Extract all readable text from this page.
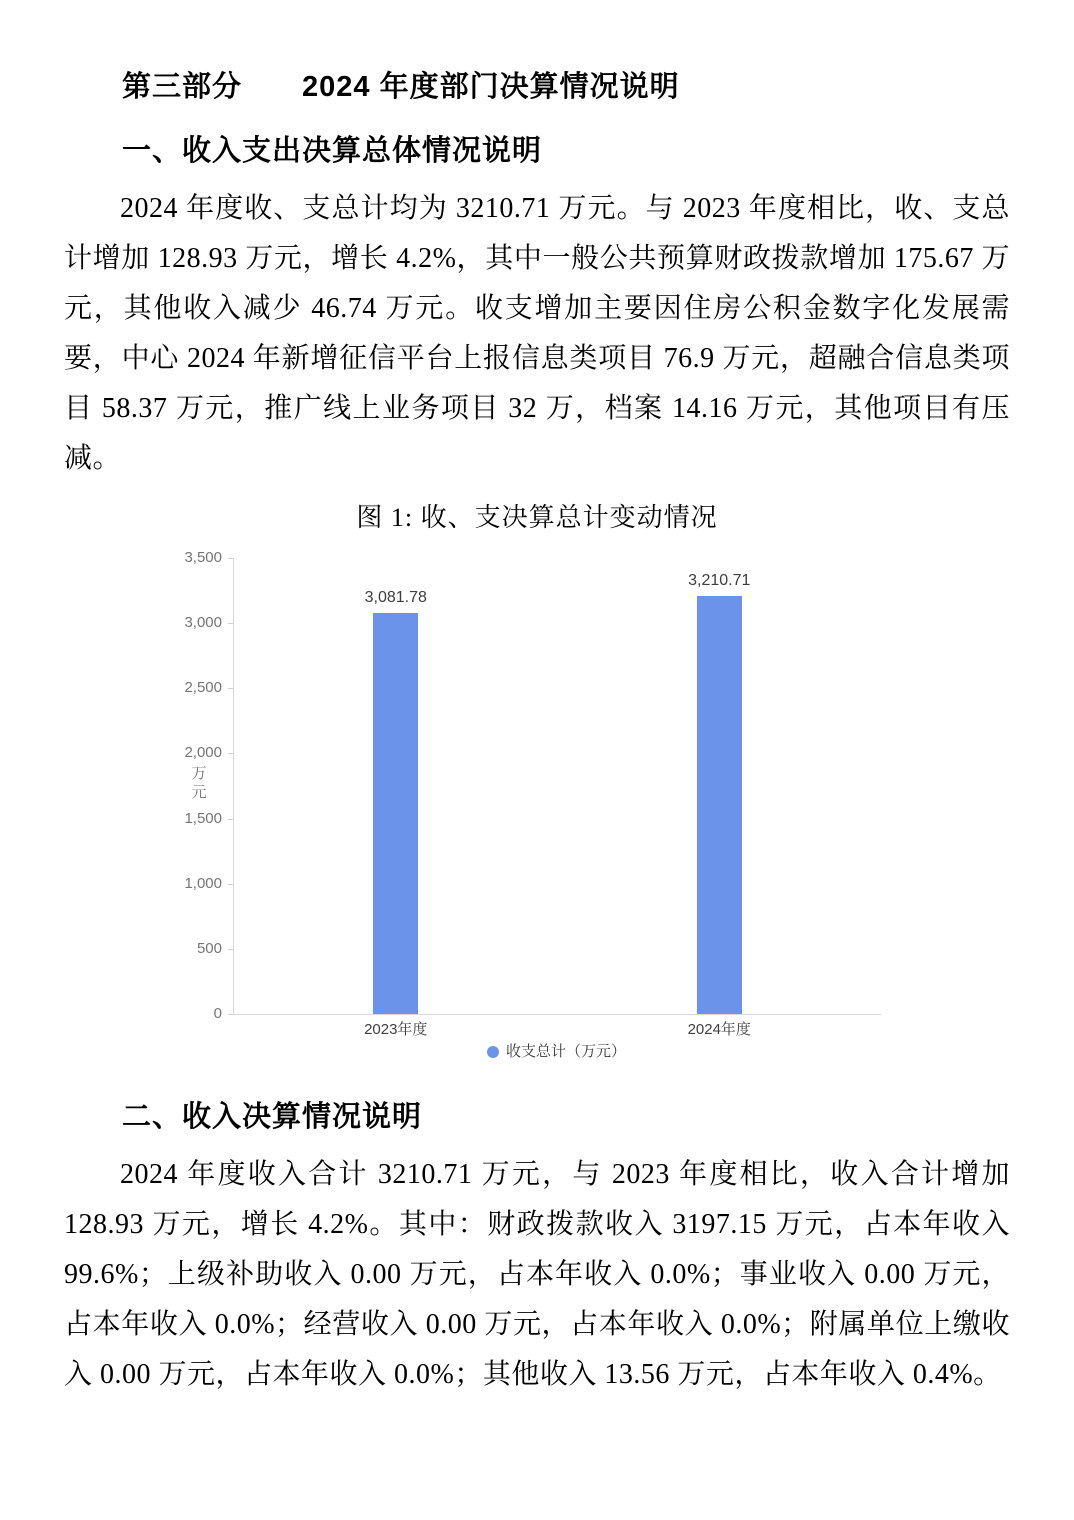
第三部分　　2024 年度部门决算情况说明
一、收入支出决算总体情况说明

2024 年度收、支总计均为 3210.71 万元。与 2023 年度相比，收、支总计增加 128.93 万元，增长 4.2%，其中一般公共预算财政拨款增加 175.67 万元，其他收入减少 46.74 万元。收支增加主要因住房公积金数字化发展需要，中心 2024 年新增征信平台上报信息类项目 76.9 万元，超融合信息类项目 58.37 万元，推广线上业务项目 32 万，档案 14.16 万元，其他项目有压减。

图 1: 收、支决算总计变动情况
3,500
3,000
2,500
2,000
1,500
1,000
500
0
万元
3,081.78
2023年度
3,210.71
2024年度
收支总计（万元）
二、收入决算情况说明

2024 年度收入合计 3210.71 万元，与 2023 年度相比，收入合计增加 128.93 万元，增长 4.2%。其中：财政拨款收入 3197.15 万元，占本年收入 99.6%；上级补助收入 0.00 万元，占本年收入 0.0%；事业收入 0.00 万元，占本年收入 0.0%；经营收入 0.00 万元，占本年收入 0.0%；附属单位上缴收入 0.00 万元，占本年收入 0.0%；其他收入 13.56 万元，占本年收入 0.4%。
